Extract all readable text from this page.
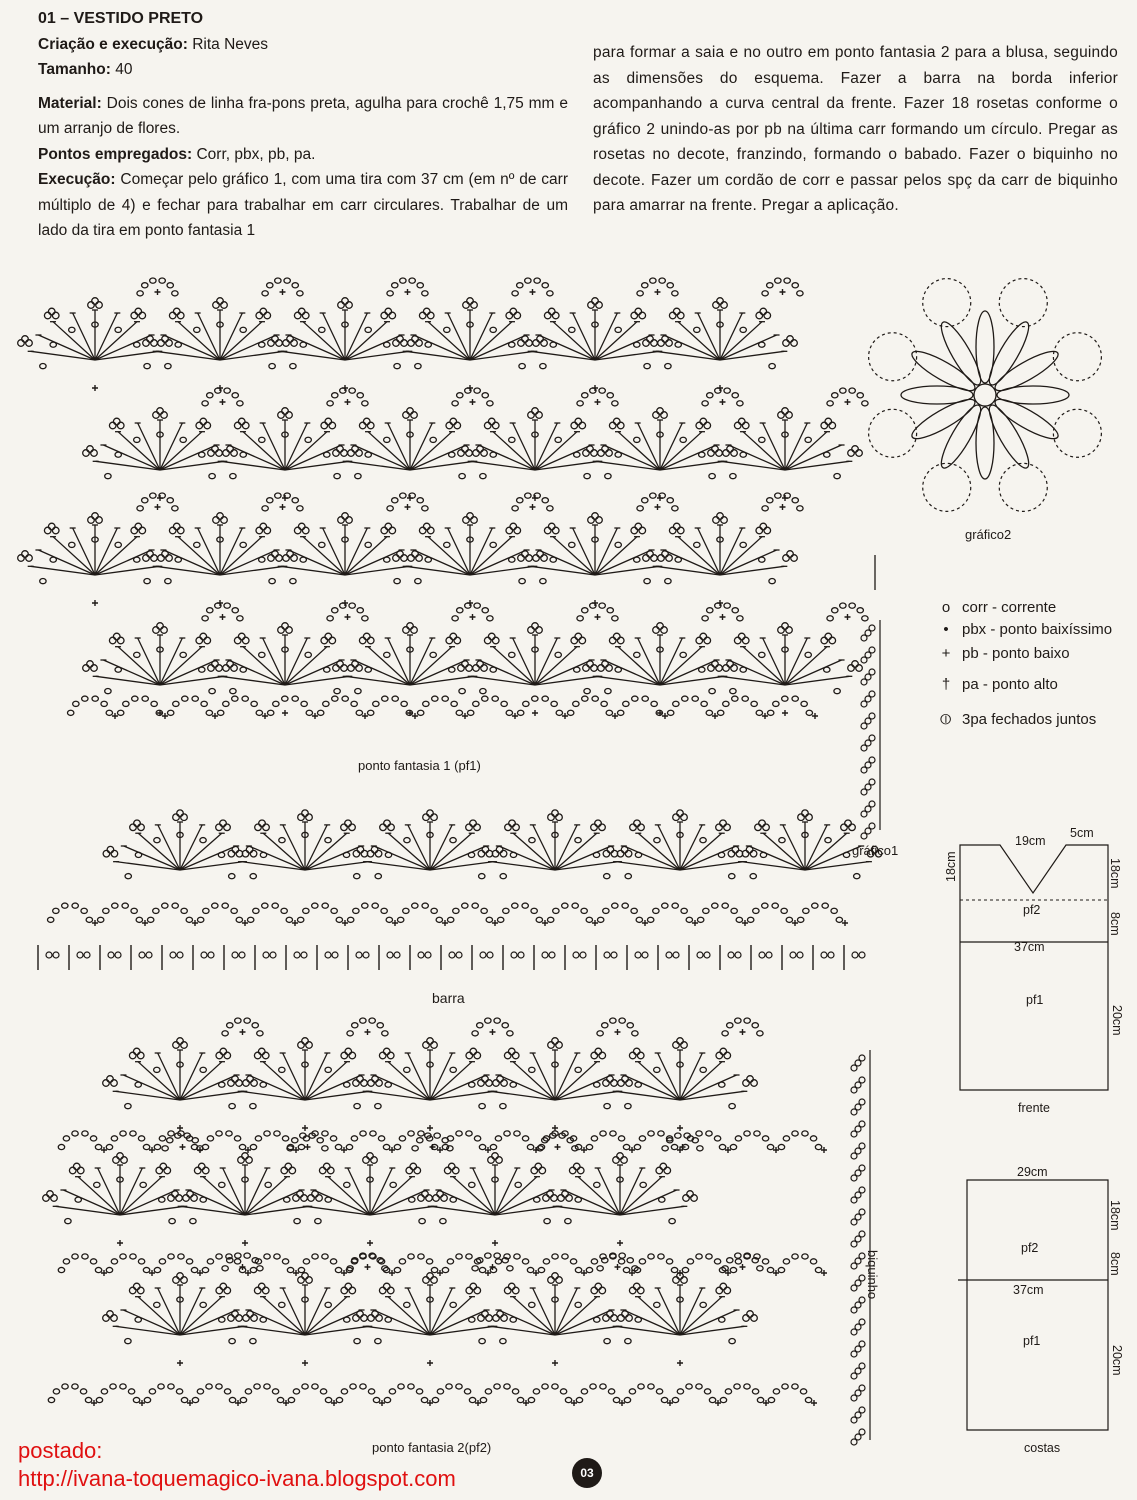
01 – VESTIDO PRETO
Criação e execução: Rita Neves
Tamanho: 40
Material: Dois cones de linha fra-pons preta, agulha para crochê 1,75 mm e um arranjo de flores.
Pontos empregados: Corr, pbx, pb, pa.
Execução: Começar pelo gráfico 1, com uma tira com 37 cm (em nº de carr múltiplo de 4) e fechar para trabalhar em carr circulares. Trabalhar de um lado da tira em ponto fantasia 1
para formar a saia e no outro em ponto fantasia 2 para a blusa, seguindo as dimensões do esquema. Fazer a barra na borda inferior acompanhando a curva central da frente. Fazer 18 rosetas conforme o gráfico 2 unindo-as por pb na última carr formando um círculo. Pregar as rosetas no decote, franzindo, formando o babado. Fazer o biquinho no decote. Fazer um cordão de corr e passar pelos spç da carr de biquinho para amarrar na frente. Pregar a aplicação.
ponto fantasia 1 (pf1)
barra
ponto fantasia 2(pf2)
gráfico1
gráfico2
biquinho
o corr - corrente
• pbx - ponto baixíssimo
+ pb - ponto baixo
† pa - ponto alto
⦶ 3pa fechados juntos
19cm
5cm
18cm	18cm
pf2
8cm
37cm
pf1
20cm
frente
29cm
18cm
pf2
8cm
37cm
pf1
20cm
costas
postado:
http://ivana-toquemagico-ivana.blogspot.com	03
